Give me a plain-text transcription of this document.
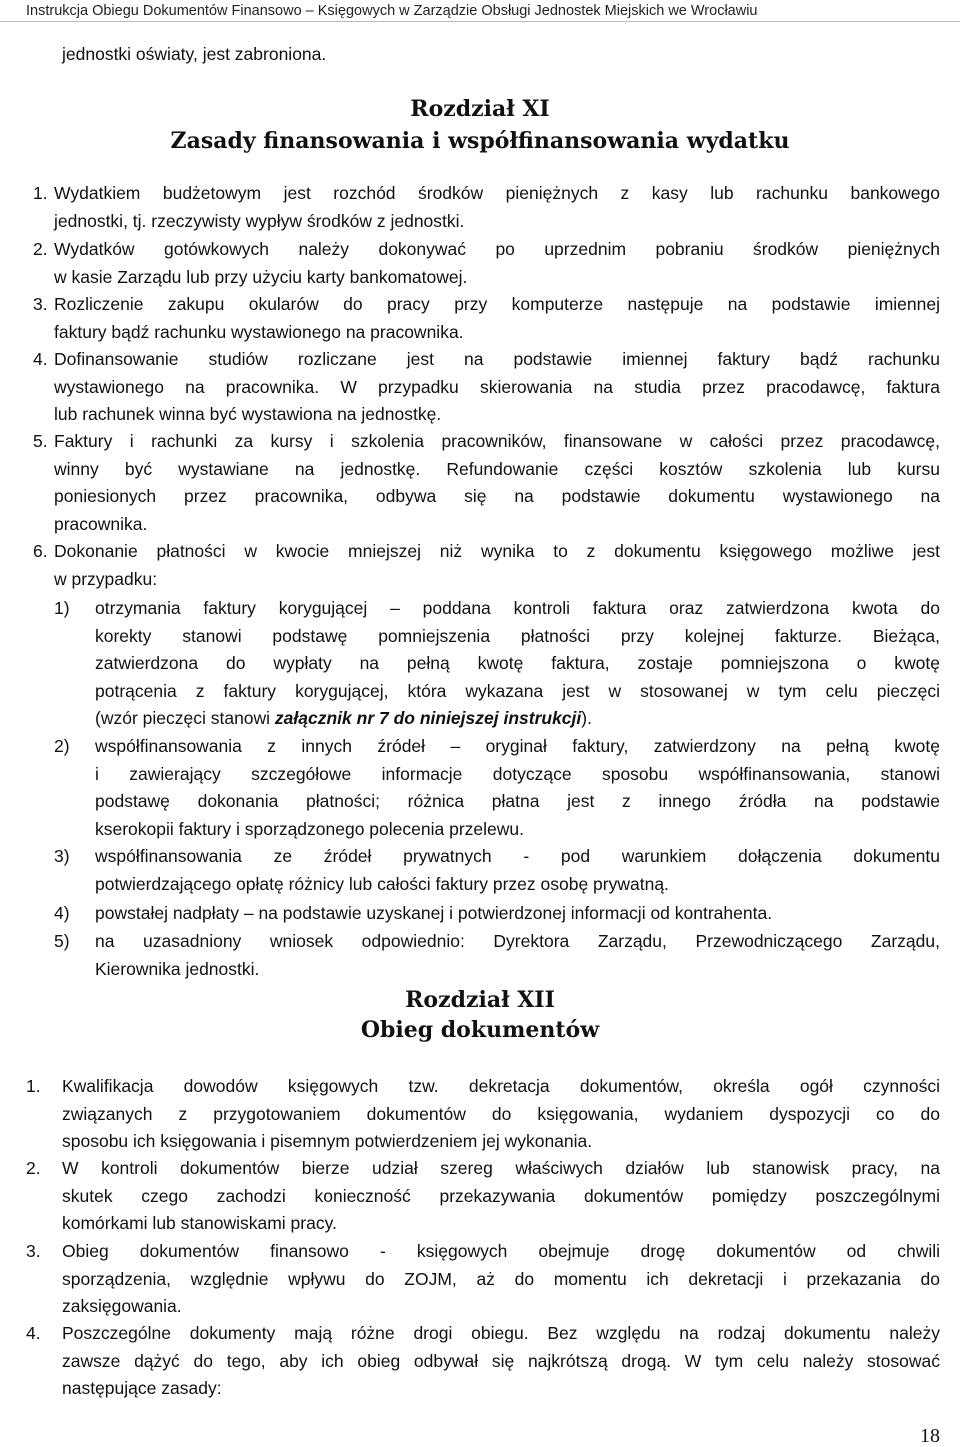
Instrukcja Obiegu Dokumentów Finansowo – Księgowych w Zarządzie Obsługi Jednostek Miejskich we Wrocławiu
jednostki oświaty, jest zabroniona.
Rozdział XI
Zasady finansowania i współfinansowania wydatku
1. Wydatkiem budżetowym jest rozchód środków pieniężnych z kasy lub rachunku bankowego
jednostki, tj. rzeczywisty wypływ środków z jednostki.
2. Wydatków gotówkowych należy dokonywać po uprzednim pobraniu środków pieniężnych
w kasie Zarządu lub przy użyciu karty bankomatowej.
3. Rozliczenie zakupu okularów do pracy przy komputerze następuje na podstawie imiennej
faktury bądź rachunku wystawionego na pracownika.
4. Dofinansowanie studiów rozliczane jest na podstawie imiennej faktury bądź rachunku
wystawionego na pracownika. W przypadku skierowania na studia przez pracodawcę, faktura
lub rachunek winna być wystawiona na jednostkę.
5. Faktury i rachunki za kursy i szkolenia pracowników, finansowane w całości przez pracodawcę,
winny być wystawiane na jednostkę. Refundowanie części kosztów szkolenia lub kursu
poniesionych przez pracownika, odbywa się na podstawie dokumentu wystawionego na
pracownika.
6. Dokonanie płatności w kwocie mniejszej niż wynika to z dokumentu księgowego możliwe jest
w przypadku:
1) otrzymania faktury korygującej – poddana kontroli faktura oraz zatwierdzona kwota do
korekty stanowi podstawę pomniejszenia płatności przy kolejnej fakturze. Bieżąca,
zatwierdzona do wypłaty na pełną kwotę faktura, zostaje pomniejszona o kwotę
potrącenia z faktury korygującej, która wykazana jest w stosowanej w tym celu pieczęci
(wzór pieczęci stanowi załącznik nr 7 do niniejszej instrukcji).
2) współfinansowania z innych źródeł – oryginał faktury, zatwierdzony na pełną kwotę
i zawierający szczegółowe informacje dotyczące sposobu współfinansowania, stanowi
podstawę dokonania płatności; różnica płatna jest z innego źródła na podstawie
kserokopii faktury i sporządzonego polecenia przelewu.
3) współfinansowania ze źródeł prywatnych - pod warunkiem dołączenia dokumentu
potwierdzającego opłatę różnicy lub całości faktury przez osobę prywatną.
4) powstałej nadpłaty – na podstawie uzyskanej i potwierdzonej informacji od kontrahenta.
5) na uzasadniony wniosek odpowiednio: Dyrektora Zarządu, Przewodniczącego Zarządu,
Kierownika jednostki.
Rozdział XII
Obieg dokumentów
1. Kwalifikacja dowodów księgowych tzw. dekretacja dokumentów, określa ogół czynności
związanych z przygotowaniem dokumentów do księgowania, wydaniem dyspozycji co do
sposobu ich księgowania i pisemnym potwierdzeniem jej wykonania.
2. W kontroli dokumentów bierze udział szereg właściwych działów lub stanowisk pracy, na
skutek czego zachodzi konieczność przekazywania dokumentów pomiędzy poszczególnymi
komórkami lub stanowiskami pracy.
3. Obieg dokumentów finansowo - księgowych obejmuje drogę dokumentów od chwili
sporządzenia, względnie wpływu do ZOJM, aż do momentu ich dekretacji i przekazania do
zaksięgowania.
4. Poszczególne dokumenty mają różne drogi obiegu. Bez względu na rodzaj dokumentu należy
zawsze dążyć do tego, aby ich obieg odbywał się najkrótszą drogą. W tym celu należy stosować
następujące zasady:
18
